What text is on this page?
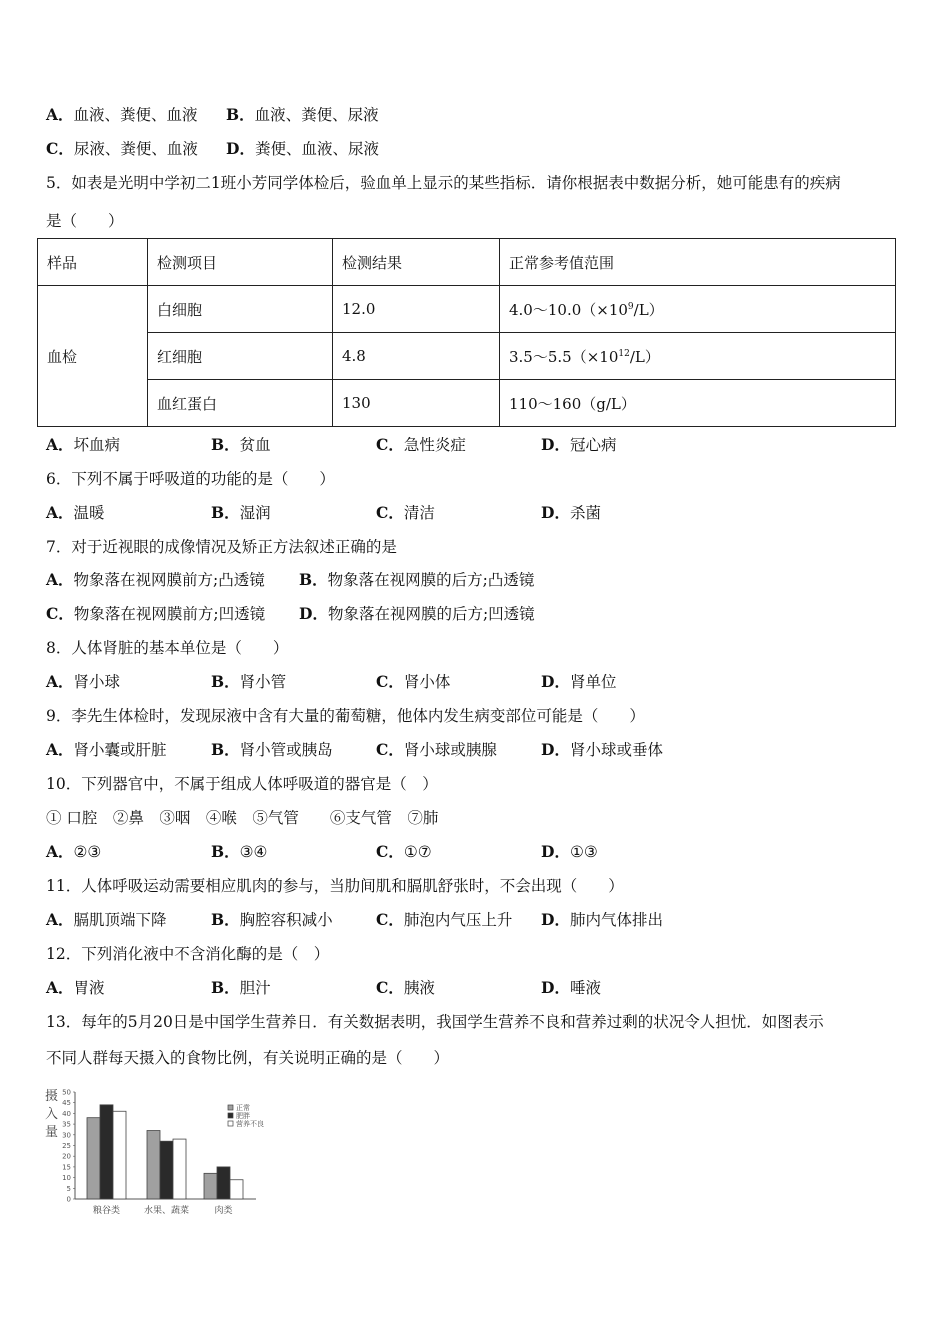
A．血液、粪便、血液 B．血液、粪便、尿液
C．尿液、粪便、血液 D．粪便、血液、尿液
5．如表是光明中学初二1班小芳同学体检后，验血单上显示的某些指标．请你根据表中数据分析，她可能患有的疾病
是（　　）
样品	检测项目	检测结果	正常参考值范围
血检	白细胞	12.0	$4.0\sim 10.0(\times 10^9/L)$
	红细胞	4.8	$3.5\sim 5.5(\times 10^{12}/L)$
	血红蛋白	130	110～160（g/L）
A．坏血病	B．贫血	C．急性炎症	D．冠心病
6．下列不属于呼吸道的功能的是（　　）
A．温暖	B．湿润	C．清洁	D．杀菌
7．对于近视眼的成像情况及矫正方法叙述正确的是
A．物象落在视网膜前方;凸透镜 B．物象落在视网膜的后方;凸透镜
C．物象落在视网膜前方;凹透镜 D．物象落在视网膜的后方;凹透镜
8．人体肾脏的基本单位是（　　）
A．肾小球	B．肾小管	C．肾小体	D．肾单位
9．李先生体检时，发现尿液中含有大量的葡萄糖，他体内发生病变部位可能是（　　）
A．肾小囊或肝脏	B．肾小管或胰岛	C．肾小球或胰腺	D．肾小球或垂体
10．下列器官中，不属于组成人体呼吸道的器官是（　）
① 口腔　②鼻　③咽　④喉　⑤气管　　⑥支气管　⑦肺
A．②③	B．③④	C．①⑦	D．①③
11．人体呼吸运动需要相应肌肉的参与，当肋间肌和膈肌舒张时，不会出现（　　）
A．膈肌顶端下降	B．胸腔容积减小	C．肺泡内气压上升 D．肺内气体排出
12．下列消化液中不含消化酶的是（　）
A．胃液	B．胆汁	C．胰液	D．唾液
13．每年的5月20日是中国学生营养日．有关数据表明，我国学生营养不良和营养过剩的状况令人担忧．如图表示
不同人群每天摄入的食物比例，有关说明正确的是（　　）
摄入量
50
45
40
35
30
25
20
15
10
5
0
粮谷类	水果、蔬菜	肉类
正常
肥胖
营养不良
